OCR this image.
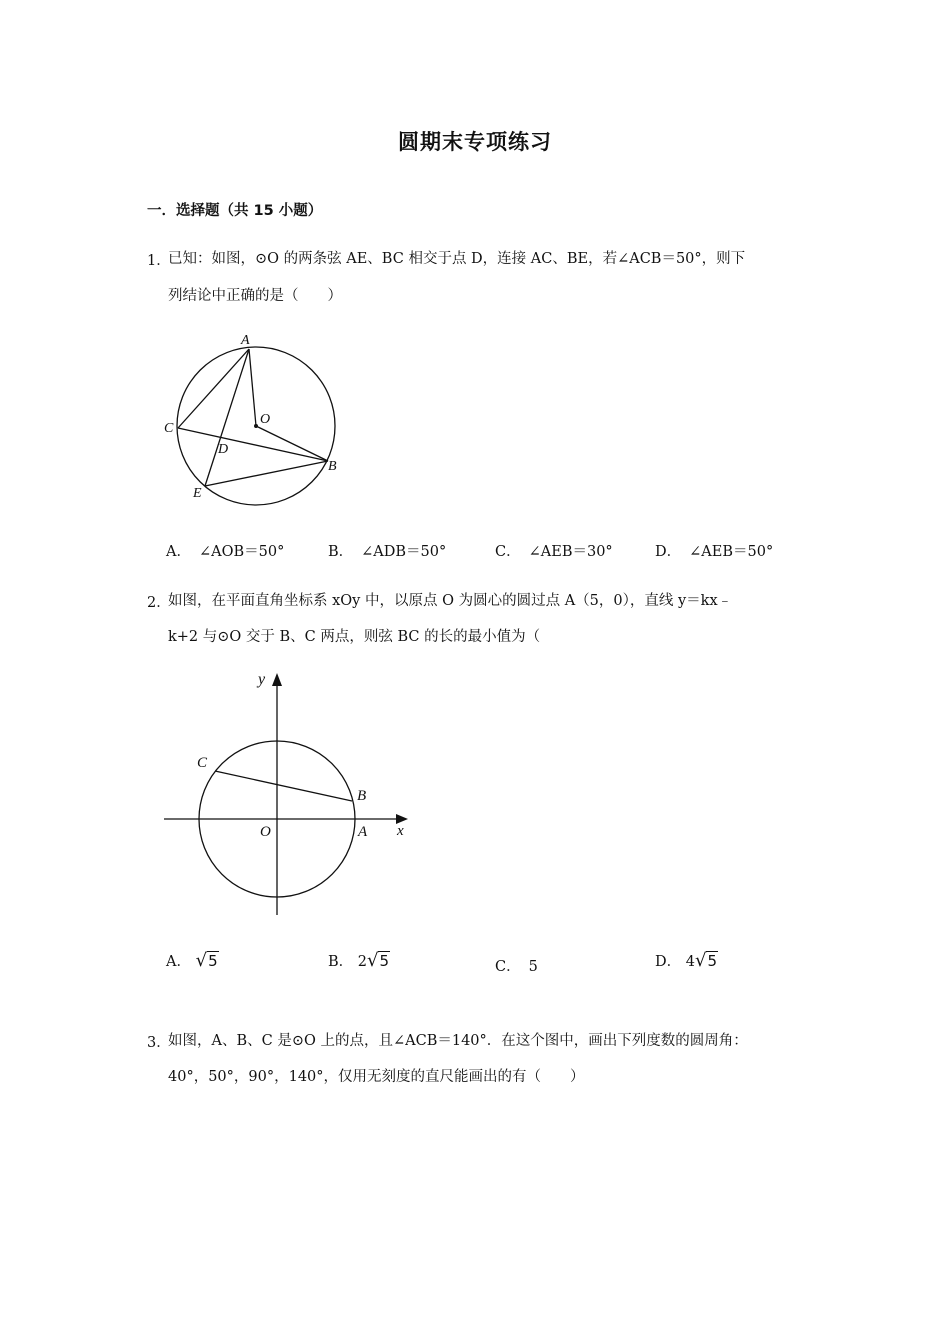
圆期末专项练习
一．选择题（共 15 小题）
1．
已知：如图，⊙O 的两条弦 AE、BC 相交于点 D，连接 AC、BE，若∠ACB＝50°，则下
列结论中正确的是（　　）
A
C
O
D
B
E
A． ∠AOB＝50°	B． ∠ADB＝50°	C． ∠AEB＝30°	D． ∠AEB＝50°
2．
如图，在平面直角坐标系 xOy 中，以原点 O 为圆心的圆过点 A（5，0），直线 y＝kx﹣
k+2 与⊙O 交于 B、C 两点，则弦 BC 的长的最小值为（
y
C
B
O	A x
A． √5	B． 2√5	C． 5	D． 4√5
3．
如图，A、B、C 是⊙O 上的点，且∠ACB＝140°．在这个图中，画出下列度数的圆周角：
40°，50°，90°，140°，仅用无刻度的直尺能画出的有（　　）
